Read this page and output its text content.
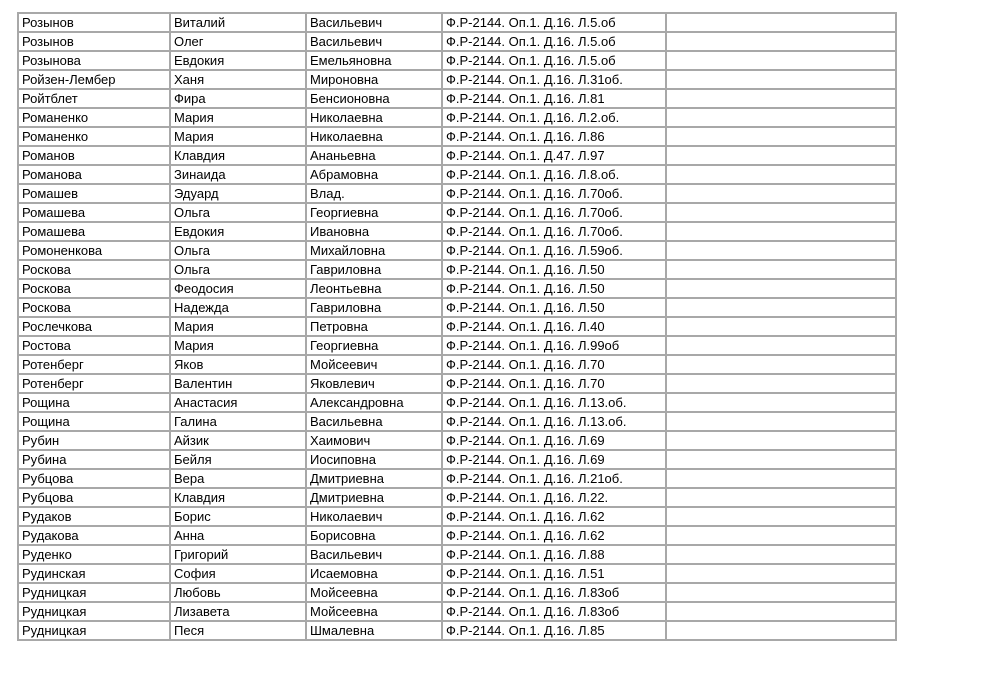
Розынов	Виталий	Васильевич	Ф.Р-2144. Оп.1. Д.16. Л.5.об	
Розынов	Олег	Васильевич	Ф.Р-2144. Оп.1. Д.16. Л.5.об	
Розынова	Евдокия	Емельяновна	Ф.Р-2144. Оп.1. Д.16. Л.5.об	
Ройзен-Лембер	Ханя	Мироновна	Ф.Р-2144. Оп.1. Д.16. Л.31об.	
Ройтблет	Фира	Бенсионовна	Ф.Р-2144. Оп.1. Д.16. Л.81	
Романенко	Мария	Николаевна	Ф.Р-2144. Оп.1. Д.16. Л.2.об.	
Романенко	Мария	Николаевна	Ф.Р-2144. Оп.1. Д.16. Л.86	
Романов	Клавдия	Ананьевна	Ф.Р-2144. Оп.1. Д.47. Л.97	
Романова	Зинаида	Абрамовна	Ф.Р-2144. Оп.1. Д.16. Л.8.об.	
Ромашев	Эдуард	Влад.	Ф.Р-2144. Оп.1. Д.16. Л.70об.	
Ромашева	Ольга	Георгиевна	Ф.Р-2144. Оп.1. Д.16. Л.70об.	
Ромашева	Евдокия	Ивановна	Ф.Р-2144. Оп.1. Д.16. Л.70об.	
Ромоненкова	Ольга	Михайловна	Ф.Р-2144. Оп.1. Д.16. Л.59об.	
Роскова	Ольга	Гавриловна	Ф.Р-2144. Оп.1. Д.16. Л.50	
Роскова	Феодосия	Леонтьевна	Ф.Р-2144. Оп.1. Д.16. Л.50	
Роскова	Надежда	Гавриловна	Ф.Р-2144. Оп.1. Д.16. Л.50	
Рослечкова	Мария	Петровна	Ф.Р-2144. Оп.1. Д.16. Л.40	
Ростова	Мария	Георгиевна	Ф.Р-2144. Оп.1. Д.16. Л.99об	
Ротенберг	Яков	Мойсеевич	Ф.Р-2144. Оп.1. Д.16. Л.70	
Ротенберг	Валентин	Яковлевич	Ф.Р-2144. Оп.1. Д.16. Л.70	
Рощина	Анастасия	Александровна	Ф.Р-2144. Оп.1. Д.16. Л.13.об.	
Рощина	Галина	Васильевна	Ф.Р-2144. Оп.1. Д.16. Л.13.об.	
Рубин	Айзик	Хаимович	Ф.Р-2144. Оп.1. Д.16. Л.69	
Рубина	Бейля	Иосиповна	Ф.Р-2144. Оп.1. Д.16. Л.69	
Рубцова	Вера	Дмитриевна	Ф.Р-2144. Оп.1. Д.16. Л.21об.	
Рубцова	Клавдия	Дмитриевна	Ф.Р-2144. Оп.1. Д.16. Л.22.	
Рудаков	Борис	Николаевич	Ф.Р-2144. Оп.1. Д.16. Л.62	
Рудакова	Анна	Борисовна	Ф.Р-2144. Оп.1. Д.16. Л.62	
Руденко	Григорий	Васильевич	Ф.Р-2144. Оп.1. Д.16. Л.88	
Рудинская	София	Исаемовна	Ф.Р-2144. Оп.1. Д.16. Л.51	
Рудницкая	Любовь	Мойсеевна	Ф.Р-2144. Оп.1. Д.16. Л.83об	
Рудницкая	Лизавета	Мойсеевна	Ф.Р-2144. Оп.1. Д.16. Л.83об	
Рудницкая	Песя	Шмалевна	Ф.Р-2144. Оп.1. Д.16. Л.85	
